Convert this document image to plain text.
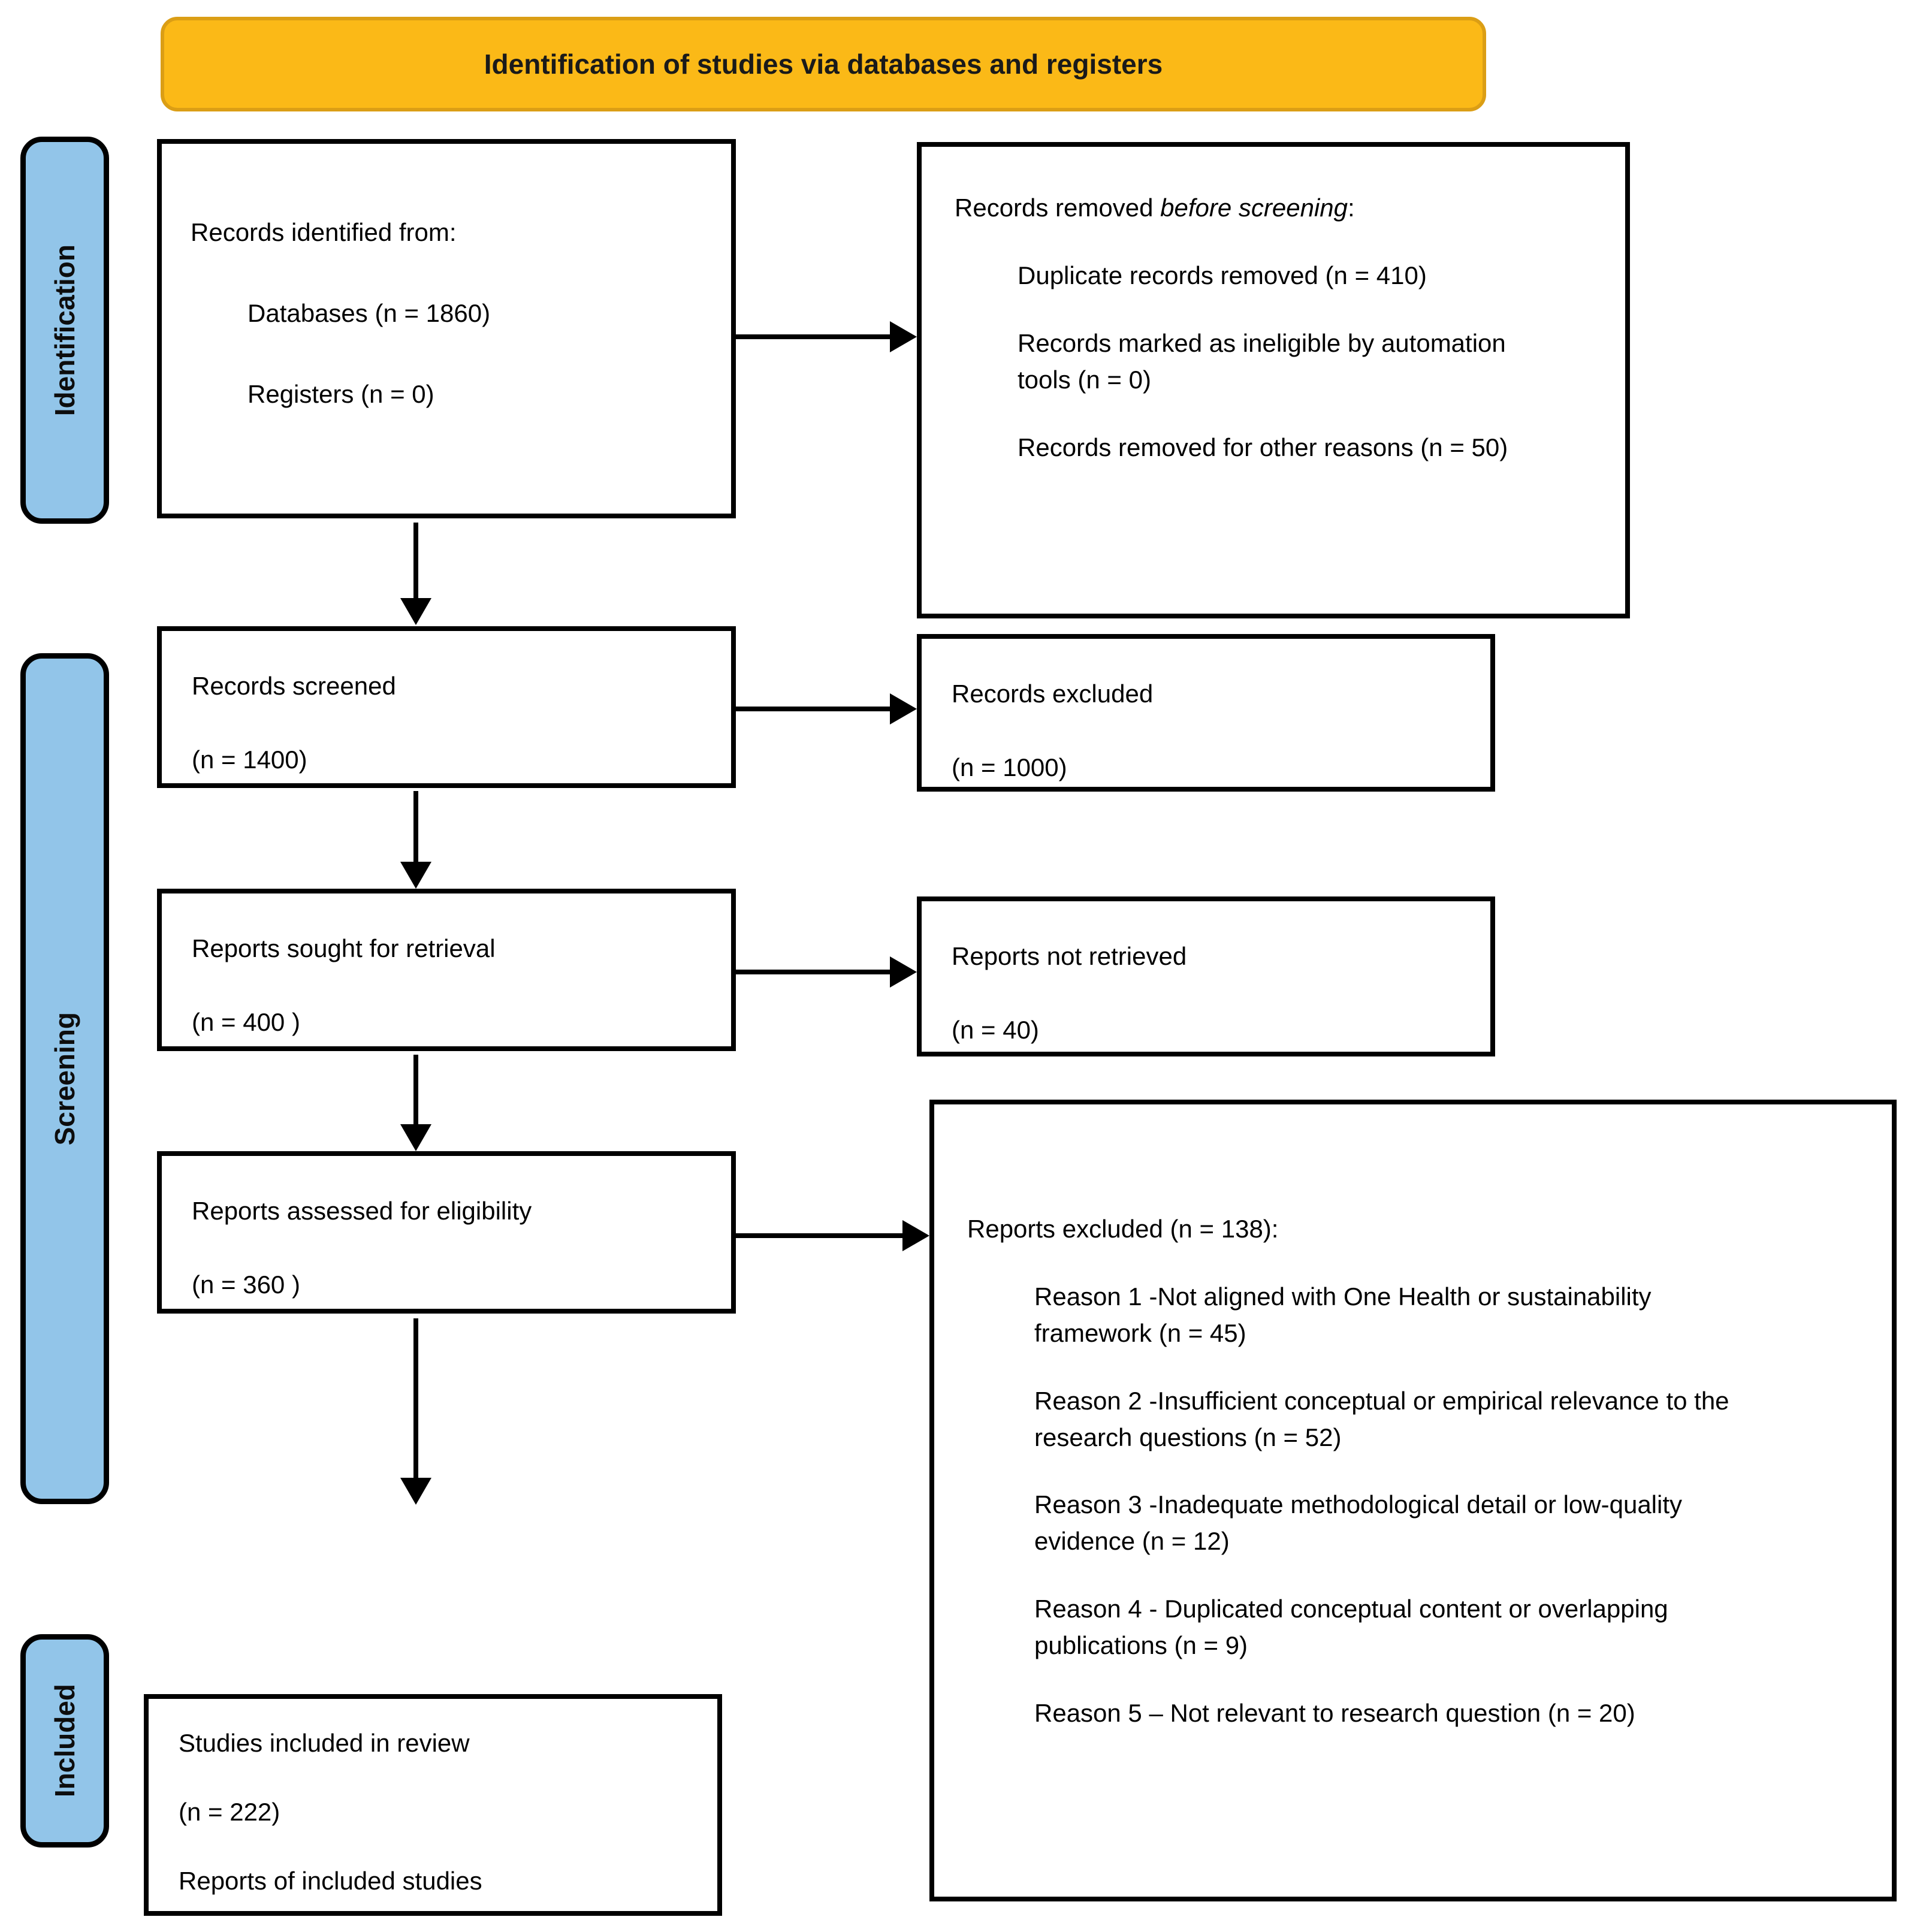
Identification of studies via databases and registers
Identification
Screening
Included
Records identified from:
Databases (n = 1860)
Registers (n = 0)
Records removed before screening:
Duplicate records removed (n = 410)
Records marked as ineligible by automation tools (n = 0)
Records removed for other reasons (n = 50)
Records screened
(n = 1400)
Records excluded
(n = 1000)
Reports sought for retrieval
(n = 400 )
Reports not retrieved
(n = 40)
Reports assessed for eligibility
(n = 360 )
Reports excluded (n = 138):
Reason 1 -Not aligned with One Health or sustainability framework (n = 45)
Reason 2 -Insufficient conceptual or empirical relevance to the research questions (n = 52)
Reason 3 -Inadequate methodological detail or low-quality evidence (n = 12)
Reason 4 - Duplicated conceptual content or overlapping publications (n = 9)
Reason 5 – Not relevant to research question (n = 20)
Studies included in review
(n = 222)
Reports of included studies
